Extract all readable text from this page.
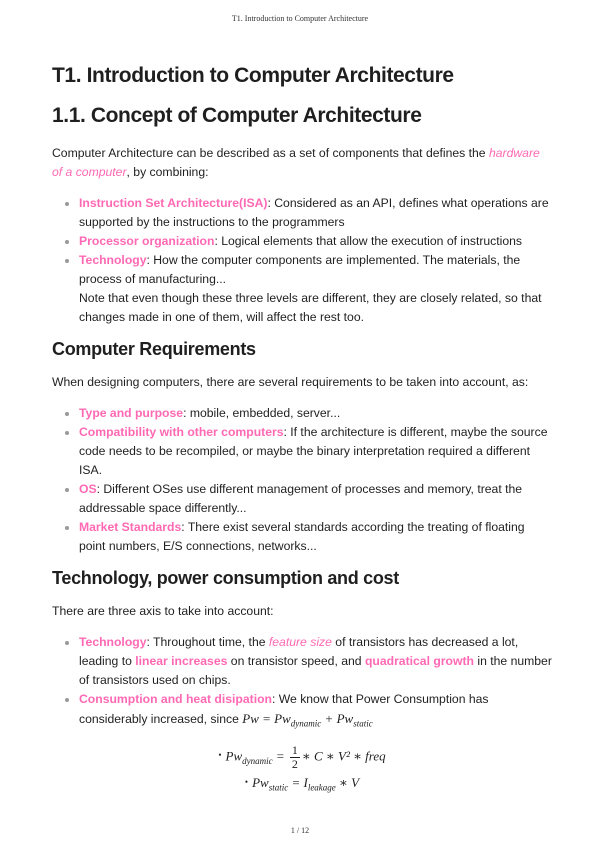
T1. Introduction to Computer Architecture
T1. Introduction to Computer Architecture
1.1. Concept of Computer Architecture

Computer Architecture can be described as a set of components that defines the hardware of a computer, by combining:

Instruction Set Architecture(ISA): Considered as an API, defines what operations are supported by the instructions to the programmers
Processor organization: Logical elements that allow the execution of instructions
Technology: How the computer components are implemented. The materials, the process of manufacturing...
Note that even though these three levels are different, they are closely related, so that changes made in one of them, will affect the rest too.
Computer Requirements

When designing computers, there are several requirements to be taken into account, as:

Type and purpose: mobile, embedded, server...
Compatibility with other computers: If the architecture is different, maybe the source code needs to be recompiled, or maybe the binary interpretation required a different ISA.
OS: Different OSes use different management of processes and memory, treat the addressable space differently...
Market Standards: There exist several standards according the treating of floating point numbers, E/S connections, networks...
Technology, power consumption and cost

There are three axis to take into account:

Technology: Throughout time, the feature size of transistors has decreased a lot, leading to linear increases on transistor speed, and quadratical growth in the number of transistors used on chips.
Consumption and heat disipation: We know that Power Consumption has considerably increased, since $Pw = Pw_{dynamic} + Pw_{static}$
• $Pw_{dynamic} = \frac{1}{2}$ ∗ C ∗ V² ∗ freq
• $Pw_{static} = I_{leakage}$ ∗ V
1 / 12
